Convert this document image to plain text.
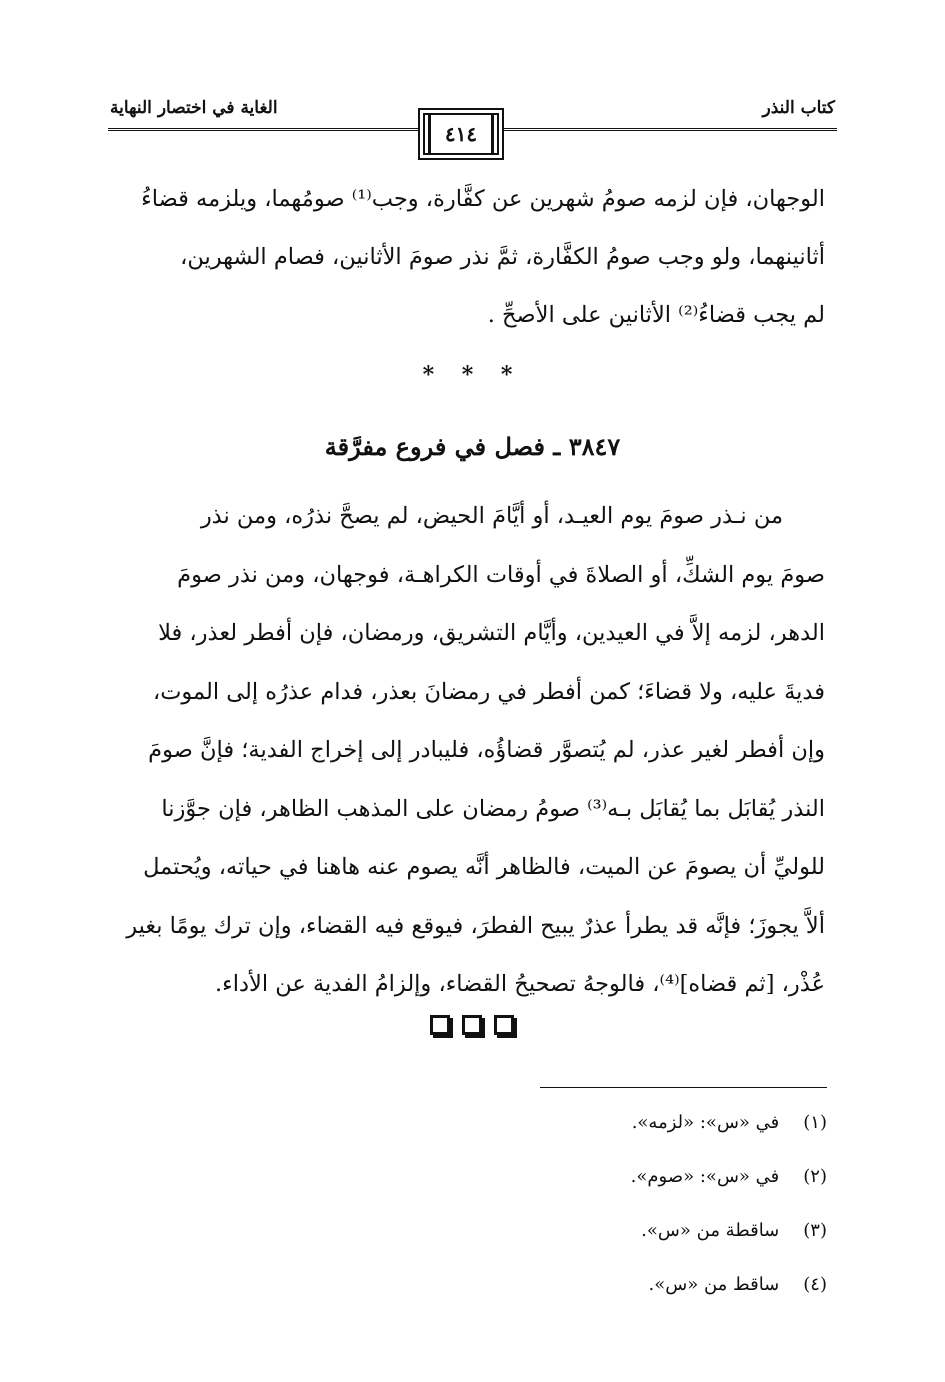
كتاب النذر
الغاية في اختصار النهاية
٤١٤
الوجهان، فإن لزمه صومُ شهرين عن كفَّارة، وجب⁽¹⁾ صومُهما، ويلزمه قضاءُ
أثانينهما، ولو وجب صومُ الكفَّارة، ثمَّ نذر صومَ الأثانين، فصام الشهرين،
لم يجب قضاءُ⁽²⁾ الأثانين على الأصحِّ .
* * *
٣٨٤٧ ـ فصل في فروع مفرَّقة
من نـذر صومَ يوم العيـد، أو أيَّامَ الحيض، لم يصحَّ نذرُه، ومن نذر
صومَ يوم الشكِّ، أو الصلاةَ في أوقات الكراهـة، فوجهان، ومن نذر صومَ
الدهر، لزمه إلاَّ في العيدين، وأيَّام التشريق، ورمضان، فإن أفطر لعذر، فلا
فديةَ عليه، ولا قضاءَ؛ كمن أفطر في رمضانَ بعذر، فدام عذرُه إلى الموت،
وإن أفطر لغير عذر، لم يُتصوَّر قضاؤُه، فليبادر إلى إخراج الفدية؛ فإنَّ صومَ
النذر يُقابَل بما يُقابَل بـه⁽³⁾ صومُ رمضان على المذهب الظاهر، فإن جوَّزنا
للوليِّ أن يصومَ عن الميت، فالظاهر أنَّه يصوم عنه هاهنا في حياته، ويُحتمل
ألاَّ يجوزَ؛ فإنَّه قد يطرأ عذرٌ يبيح الفطرَ، فيوقع فيه القضاء، وإن ترك يومًا بغير
عُذْر، [ثم قضاه]⁽⁴⁾، فالوجهُ تصحيحُ القضاء، وإلزامُ الفدية عن الأداء.
(١) في «س»: «لزمه».
(٢) في «س»: «صوم».
(٣) ساقطة من «س».
(٤) ساقط من «س».
